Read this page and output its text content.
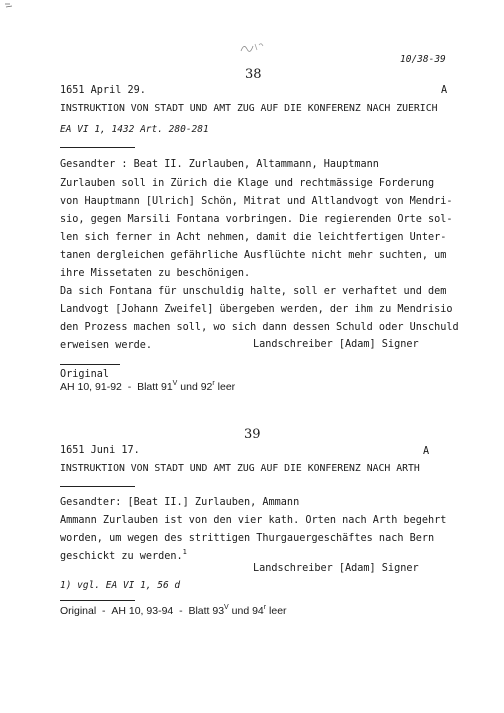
10/38-39
38
1651 April 29.	A
INSTRUKTION VON STADT UND AMT ZUG AUF DIE KONFERENZ NACH ZUERICH
EA VI 1, 1432 Art. 280-281
Gesandter : Beat II. Zurlauben, Altammann, Hauptmann
Zurlauben soll in Zürich die Klage und rechtmässige Forderung
von Hauptmann [Ulrich] Schön, Mitrat und Altlandvogt von Mendri-
sio, gegen Marsili Fontana vorbringen. Die regierenden Orte sol-
len sich ferner in Acht nehmen, damit die leichtfertigen Unter-
tanen dergleichen gefährliche Ausflüchte nicht mehr suchten, um
ihre Missetaten zu beschönigen.
Da sich Fontana für unschuldig halte, soll er verhaftet und dem
Landvogt [Johann Zweifel] übergeben werden, der ihm zu Mendrisio
den Prozess machen soll, wo sich dann dessen Schuld oder Unschuld
erweisen werde.	Landschreiber [Adam] Signer
Original
AH 10, 91-92 - Blatt $91^V$ und 92$^r$ leer
39
1651 Juni 17.	A
INSTRUKTION VON STADT UND AMT ZUG AUF DIE KONFERENZ NACH ARTH
Gesandter: [Beat II.] Zurlauben, Ammann
Ammann Zurlauben ist von den vier kath. Orten nach Arth begehrt
worden, um wegen des strittigen Thurgauergeschäftes nach Bern
geschickt zu werden.$^1$
Landschreiber [Adam] Signer
1) vgl. EA VI 1, 56 d
Original - AH 10, 93-94 - Blatt $93^V$ und 94$^r$ leer
